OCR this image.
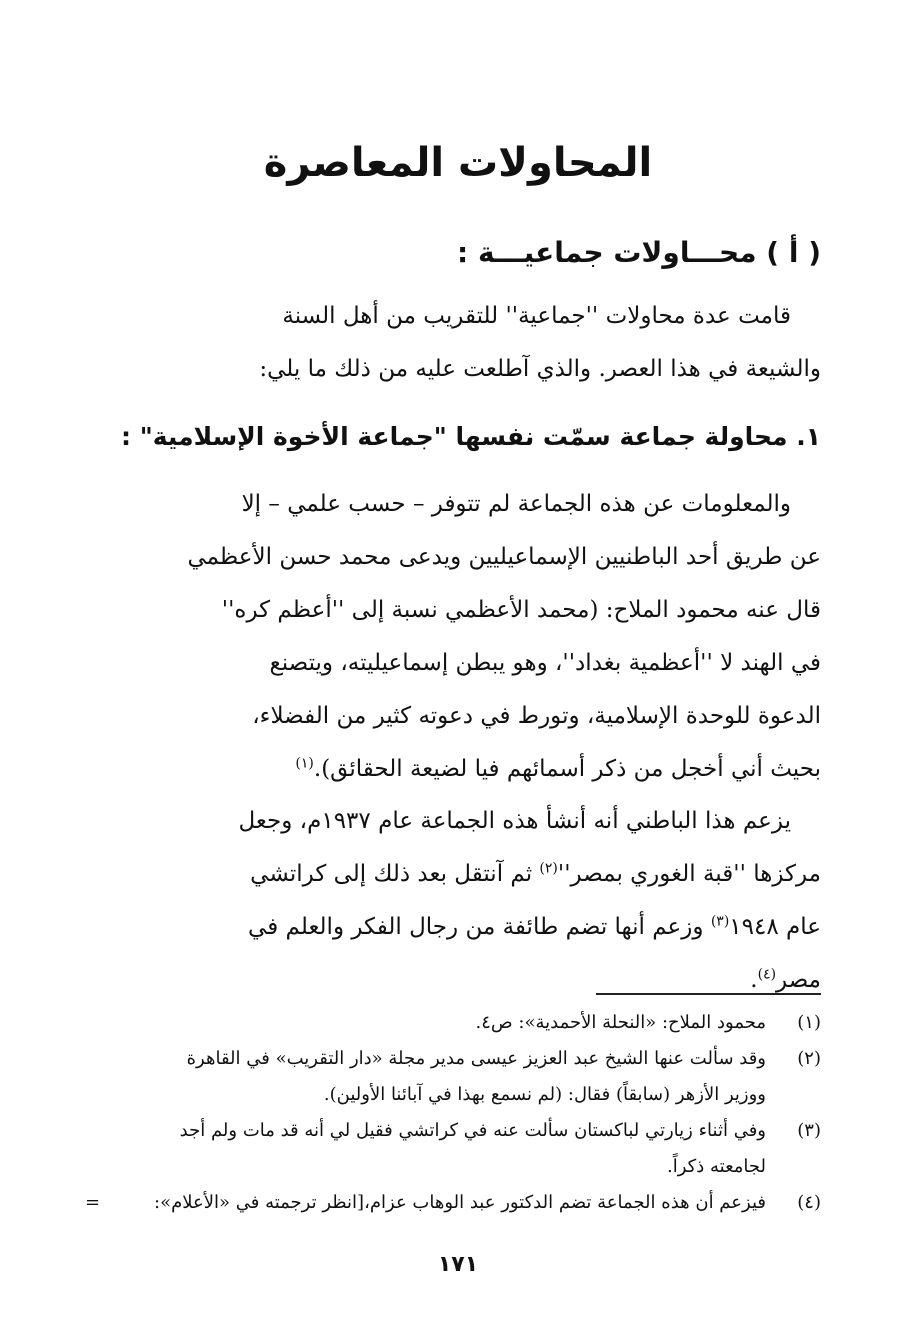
المحاولات المعاصرة
( أ ) محـــاولات جماعيـــة :
قامت عدة محاولات ''جماعية'' للتقريب من أهل السنة
والشيعة في هذا العصر. والذي آطلعت عليه من ذلك ما يلي:
١. محاولة جماعة سمّت نفسها "جماعة الأخوة الإسلامية" :
والمعلومات عن هذه الجماعة لم تتوفر – حسب علمي – إلا
عن طريق أحد الباطنيين الإسماعيليين ويدعى محمد حسن الأعظمي
قال عنه محمود الملاح: (محمد الأعظمي نسبة إلى ''أعظم كره''
في الهند لا ''أعظمية بغداد''، وهو يبطن إسماعيليته، ويتصنع
الدعوة للوحدة الإسلامية، وتورط في دعوته كثير من الفضلاء،
بحيث أني أخجل من ذكر أسمائهم فيا لضيعة الحقائق).$^{(١)}$
يزعم هذا الباطني أنه أنشأ هذه الجماعة عام ١٩٣٧م، وجعل
مركزها ''قبة الغوري بمصر''$^{(٢)}$ ثم آنتقل بعد ذلك إلى كراتشي
عام ١٩٤٨$^{(٣)}$ وزعم أنها تضم طائفة من رجال الفكر والعلم في
مصر$^{(٤)}$.
(١)
محمود الملاح: «النحلة الأحمدية»: ص٤.
(٢)
وقد سألت عنها الشيخ عبد العزيز عيسى مدير مجلة «دار التقريب» في القاهرة
ووزير الأزهر (سابقاً) فقال: (لم نسمع بهذا في آبائنا الأولين).
(٣)
وفي أثناء زيارتي لباكستان سألت عنه في كراتشي فقيل لي أنه قد مات ولم أجد
لجامعته ذكراً.
(٤)
فيزعم أن هذه الجماعة تضم الدكتور عبد الوهاب عزام،[انظر ترجمته في «الأعلام»:
=
١٧١
